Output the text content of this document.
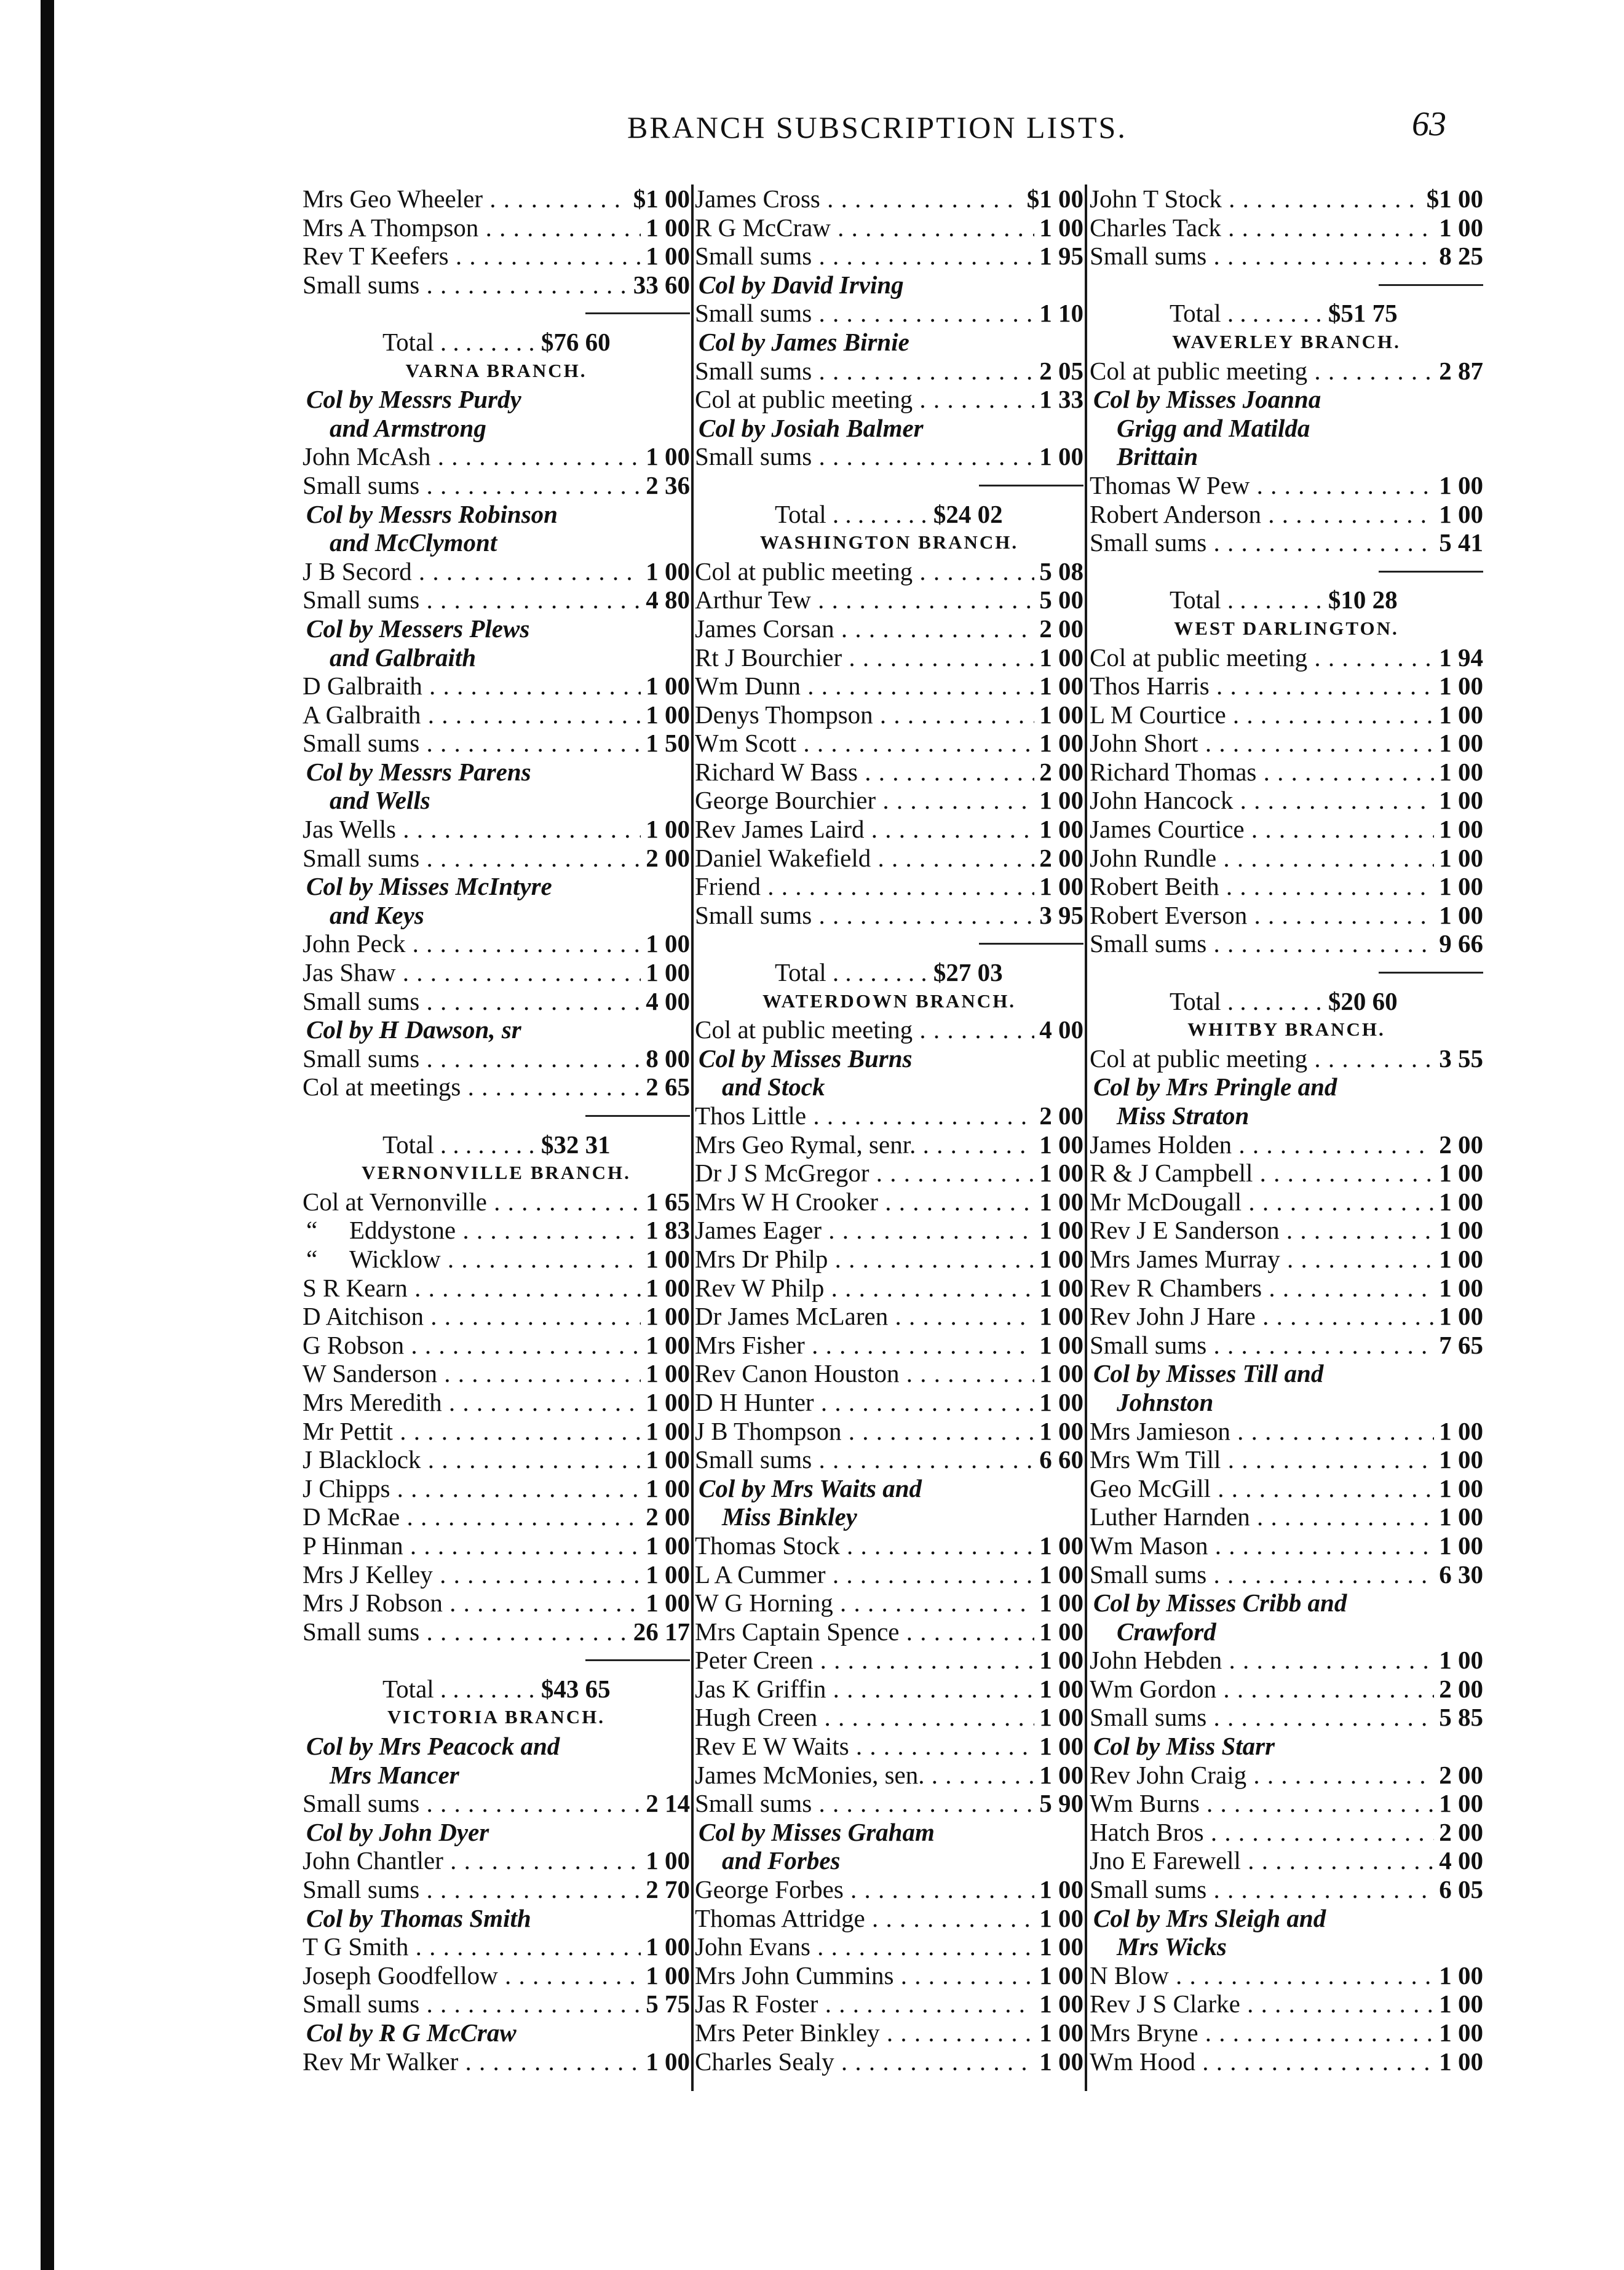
BRANCH SUBSCRIPTION LISTS.	63
Mrs Geo Wheeler . . .	$1 00
Mrs A Thompson . . .	1 00
Rev T Keefers . . .	1 00
Small sums . . .	33 60
Total . . . . . . . . $76 60
VARNA BRANCH.
Col by Messrs Purdy
and Armstrong
John McAsh . . .	1 00
Small sums . . .	2 36
Col by Messrs Robinson
and McClymont
J B Secord . . .	1 00
Small sums . . .	4 80
Col by Messers Plews
and Galbraith
D Galbraith . . .	1 00
A Galbraith . . .	1 00
Small sums . . .	1 50
Col by Messrs Parens
and Wells
Jas Wells . . .	1 00
Small sums . . .	2 00
Col by Misses McIntyre
and Keys
John Peck . . .	1 00
Jas Shaw . . .	1 00
Small sums . . .	4 00
Col by H Dawson, sr
Small sums . . .	8 00
Col at meetings . . .	2 65
Total . . . . . . . . $32 31
VERNONVILLE BRANCH.
Col at Vernonville . . .	1 65
“ Eddystone . . .	1 83
“ Wicklow . . .	1 00
S R Kearn . . .	1 00
D Aitchison . . .	1 00
G Robson . . .	1 00
W Sanderson . . .	1 00
Mrs Meredith . . .	1 00
Mr Pettit . . .	1 00
J Blacklock . . .	1 00
J Chipps . . .	1 00
D McRae . . .	2 00
P Hinman . . .	1 00
Mrs J Kelley . . .	1 00
Mrs J Robson . . .	1 00
Small sums . . .	26 17
Total . . . . . . . . $43 65
VICTORIA BRANCH.
Col by Mrs Peacock and
Mrs Mancer
Small sums . . .	2 14
Col by John Dyer
John Chantler . . .	1 00
Small sums . . .	2 70
Col by Thomas Smith
T G Smith . . .	1 00
Joseph Goodfellow . . .	1 00
Small sums . . .	5 75
Col by R G McCraw
Rev Mr Walker . . .	1 00
James Cross . . .	$1 00
R G McCraw . . .	1 00
Small sums . . .	1 95
Col by David Irving
Small sums . . .	1 10
Col by James Birnie
Small sums . . .	2 05
Col at public meeting . . .	1 33
Col by Josiah Balmer
Small sums . . .	1 00
Total . . . . . . . . $24 02
WASHINGTON BRANCH.
Col at public meeting . . .	5 08
Arthur Tew . . .	5 00
James Corsan . . .	2 00
Rt J Bourchier . . .	1 00
Wm Dunn . . .	1 00
Denys Thompson . . .	1 00
Wm Scott . . .	1 00
Richard W Bass . . .	2 00
George Bourchier . . .	1 00
Rev James Laird . . .	1 00
Daniel Wakefield . . .	2 00
Friend . . .	1 00
Small sums . . .	3 95
Total . . . . . . . . $27 03
WATERDOWN BRANCH.
Col at public meeting . . .	4 00
Col by Misses Burns
and Stock
Thos Little . . .	2 00
Mrs Geo Rymal, senr. . . .	1 00
Dr J S McGregor . . .	1 00
Mrs W H Crooker . . .	1 00
James Eager . . .	1 00
Mrs Dr Philp . . .	1 00
Rev W Philp . . .	1 00
Dr James McLaren . . .	1 00
Mrs Fisher . . .	1 00
Rev Canon Houston . . .	1 00
D H Hunter . . .	1 00
J B Thompson . . .	1 00
Small sums . . .	6 60
Col by Mrs Waits and
Miss Binkley
Thomas Stock . . .	1 00
L A Cummer . . .	1 00
W G Horning . . .	1 00
Mrs Captain Spence . . .	1 00
Peter Creen . . .	1 00
Jas K Griffin . . .	1 00
Hugh Creen . . .	1 00
Rev E W Waits . . .	1 00
James McMonies, sen. . . .	1 00
Small sums . . .	5 90
Col by Misses Graham
and Forbes
George Forbes . . .	1 00
Thomas Attridge . . .	1 00
John Evans . . .	1 00
Mrs John Cummins . . .	1 00
Jas R Foster . . .	1 00
Mrs Peter Binkley . . .	1 00
Charles Sealy . . .	1 00
John T Stock . . .	$1 00
Charles Tack . . .	1 00
Small sums . . .	8 25
Total . . . . . . . . $51 75
WAVERLEY BRANCH.
Col at public meeting . . .	2 87
Col by Misses Joanna
Grigg and Matilda
Brittain
Thomas W Pew . . .	1 00
Robert Anderson . . .	1 00
Small sums . . .	5 41
Total . . . . . . . . $10 28
WEST DARLINGTON.
Col at public meeting . . .	1 94
Thos Harris . . .	1 00
L M Courtice . . .	1 00
John Short . . .	1 00
Richard Thomas . . .	1 00
John Hancock . . .	1 00
James Courtice . . .	1 00
John Rundle . . .	1 00
Robert Beith . . .	1 00
Robert Everson . . .	1 00
Small sums . . .	9 66
Total . . . . . . . . $20 60
WHITBY BRANCH.
Col at public meeting . . .	3 55
Col by Mrs Pringle and
Miss Straton
James Holden . . .	2 00
R & J Campbell . . .	1 00
Mr McDougall . . .	1 00
Rev J E Sanderson . . .	1 00
Mrs James Murray . . .	1 00
Rev R Chambers . . .	1 00
Rev John J Hare . . .	1 00
Small sums . . .	7 65
Col by Misses Till and
Johnston
Mrs Jamieson . . .	1 00
Mrs Wm Till . . .	1 00
Geo McGill . . .	1 00
Luther Harnden . . .	1 00
Wm Mason . . .	1 00
Small sums . . .	6 30
Col by Misses Cribb and
Crawford
John Hebden . . .	1 00
Wm Gordon . . .	2 00
Small sums . . .	5 85
Col by Miss Starr
Rev John Craig . . .	2 00
Wm Burns . . .	1 00
Hatch Bros . . .	2 00
Jno E Farewell . . .	4 00
Small sums . . .	6 05
Col by Mrs Sleigh and
Mrs Wicks
N Blow . . .	1 00
Rev J S Clarke . . .	1 00
Mrs Bryne . . .	1 00
Wm Hood . . .	1 00
